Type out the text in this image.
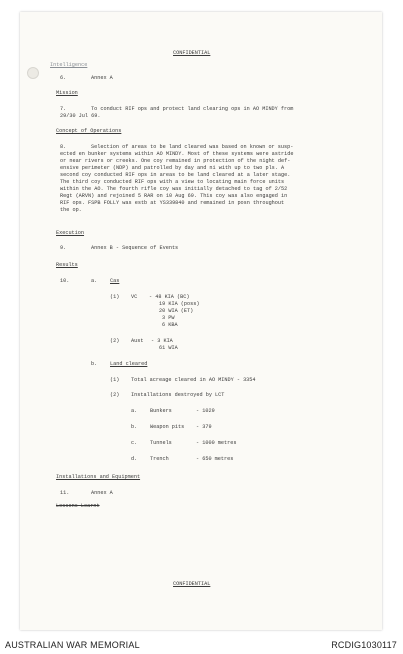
CONFIDENTIAL
Intelligence
6.	Annex A
Mission
7.	To conduct RIF ops and protect land clearing ops in AO MINDY from
29/30 Jul 69.
Concept of Operations
8.	Selection of areas to be land cleared was based on known or susp-
ected en bunker systems within AO MINDY. Most of these systems were astride
or near rivers or creeks. One coy remained in protection of the night def-
ensive perimeter (NDP) and patrolled by day and ni with up to two pls. A
second coy conducted RIF ops in areas to be land cleared at a later stage.
The third coy conducted RIF ops with a view to locating main force units
within the AO. The fourth rifle coy was initially detached to tag of 2/52
Regt (ARVN) and rejoined 5 RAR on 10 Aug 69. This coy was also engaged in
RIF ops. FSPB FOLLY was estb at YS339840 and remained in posn throughout
the op.
Execution
9.	Annex B - Sequence of Events
Results
10.	a. Cas
(1) VC - 48 KIA (BC)
19 KIA (poss)
20 WIA (ET)
3 PW
6 KBA
(2) Aust - 3 KIA
61 WIA
b. Land cleared
(1) Total acreage cleared in AO MINDY - 3354
(2) Installations destroyed by LCT
a. Bunkers	- 1029
b. Weapon pits - 379
c. Tunnels	- 1000 metres
d. Trench	- 650 metres
Installations and Equipment
11.	Annex A
Lessons Learnt
CONFIDENTIAL
AUSTRALIAN WAR MEMORIAL	RCDIG1030117
